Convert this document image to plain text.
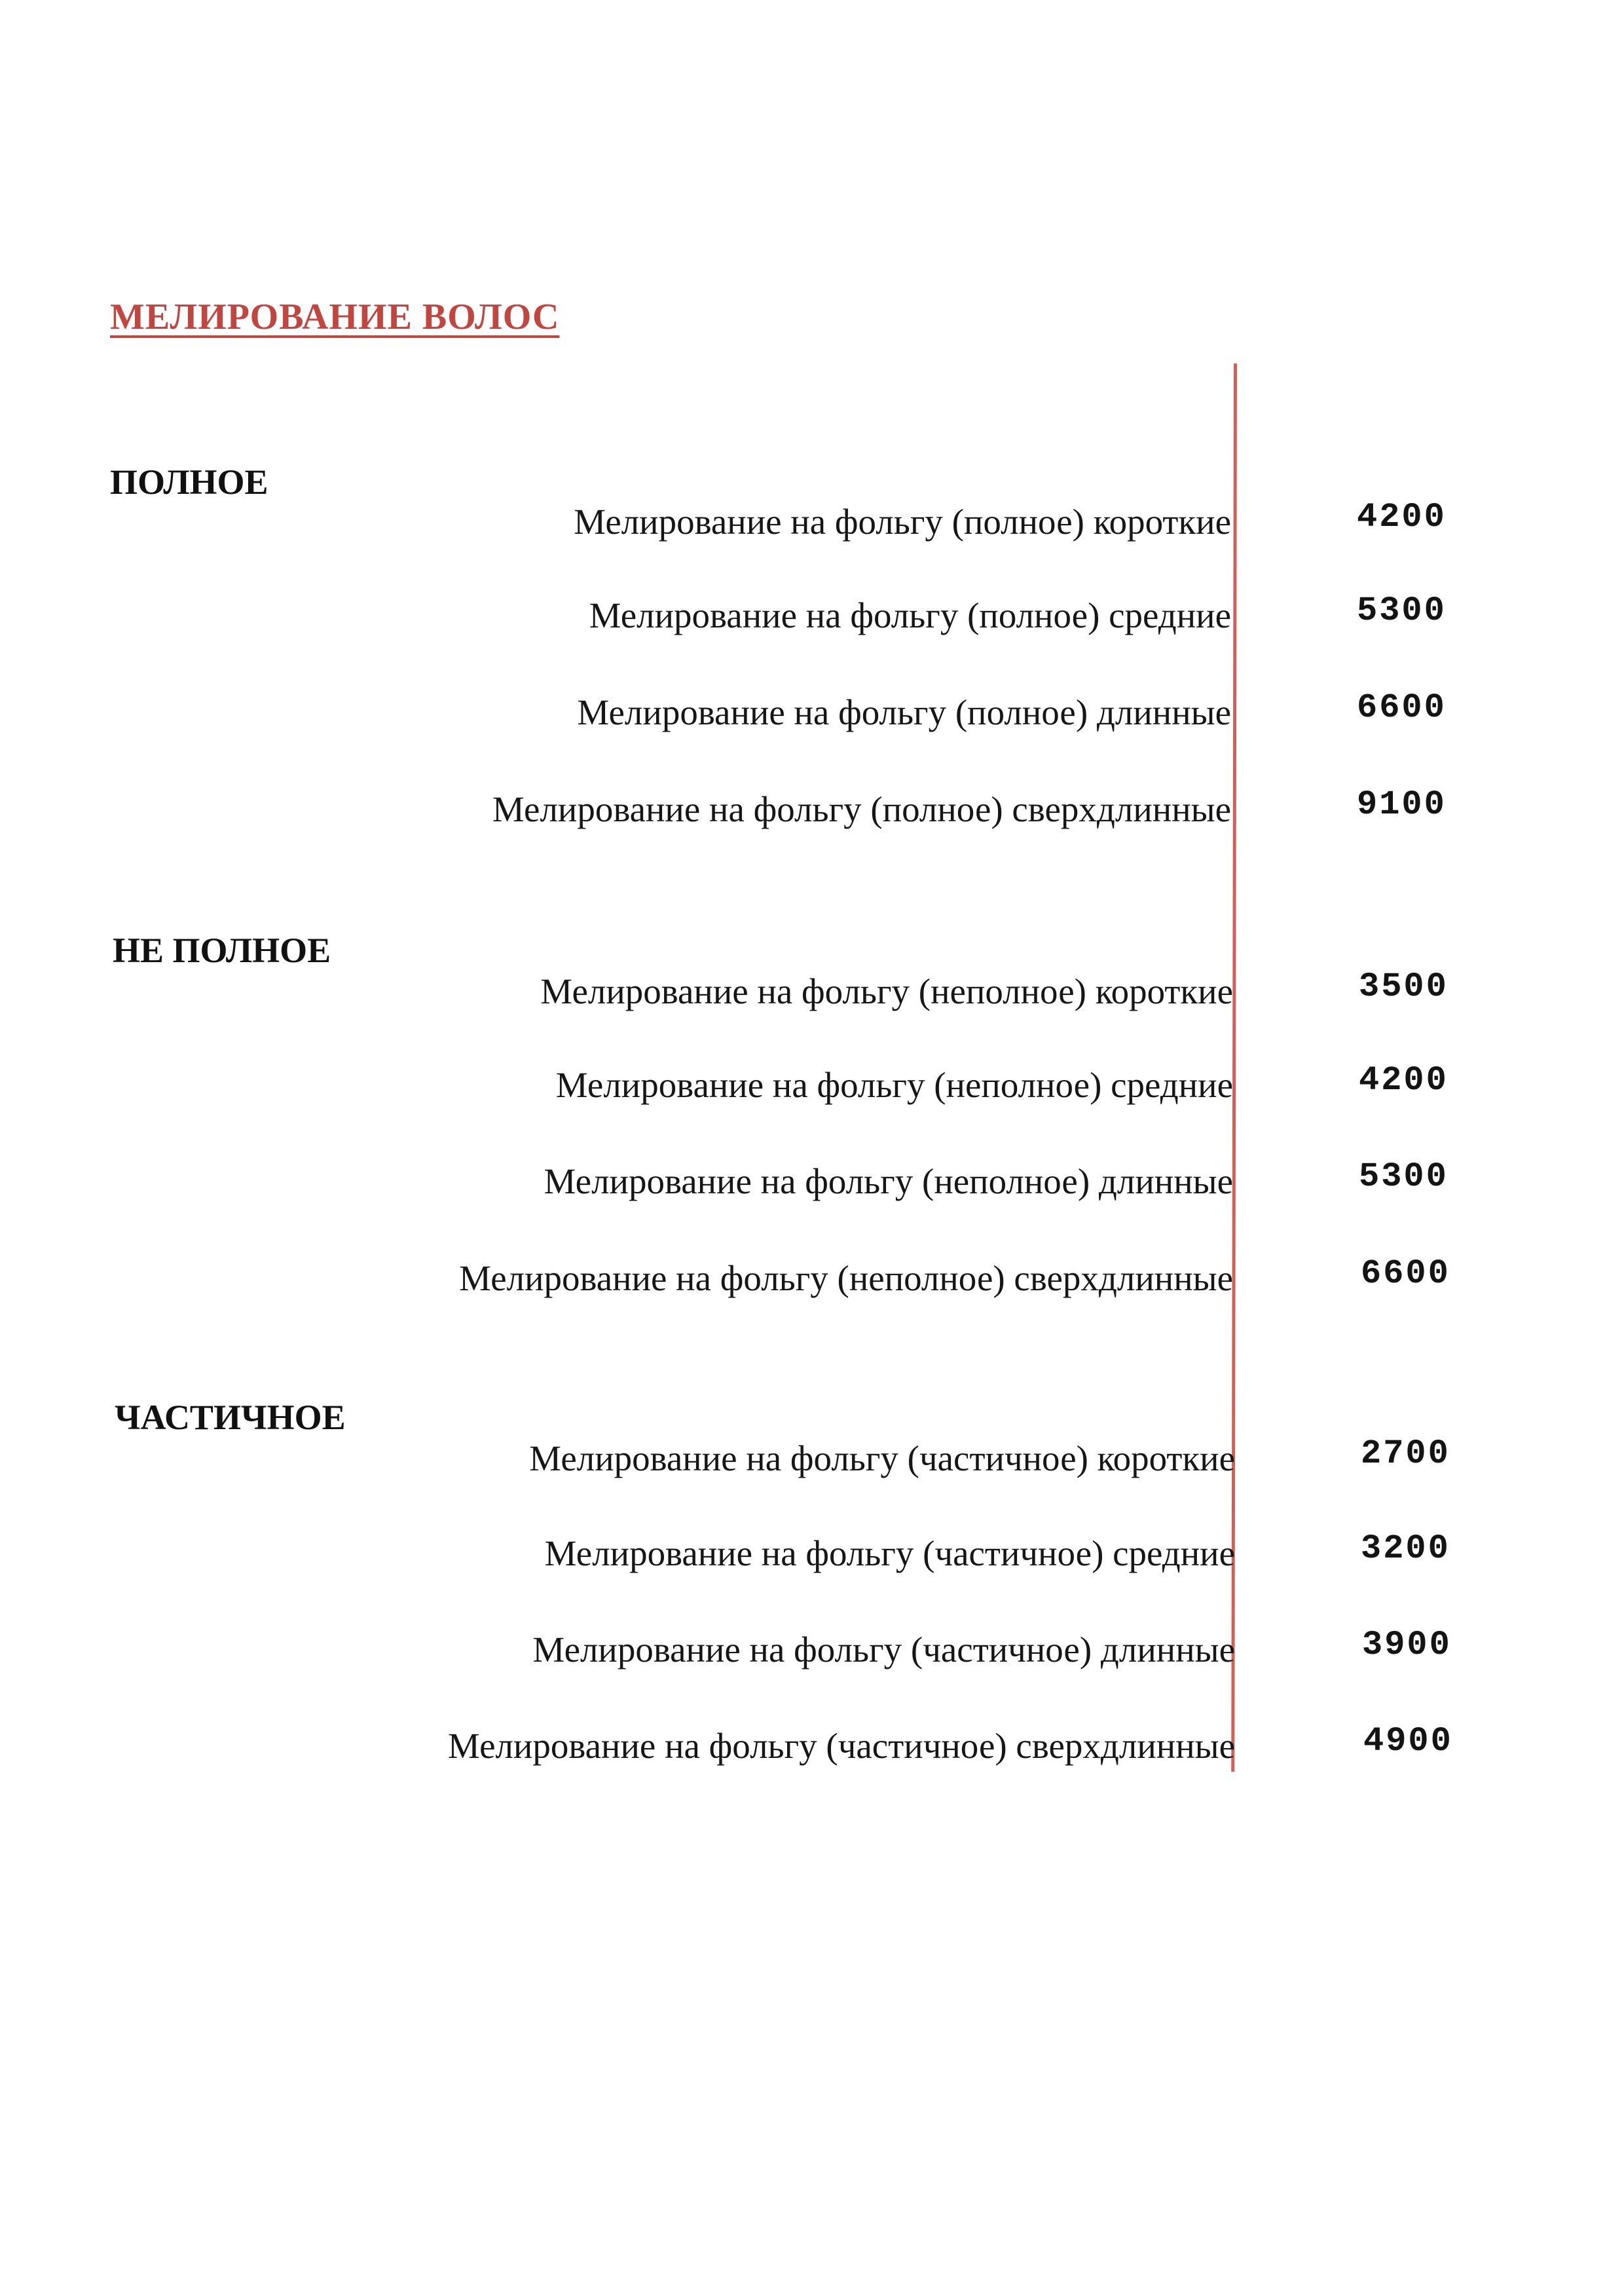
МЕЛИРОВАНИЕ ВОЛОС
ПОЛНОЕ
Мелирование на фольгу (полное) короткие	4200
Мелирование на фольгу (полное) средние	5300
Мелирование на фольгу (полное) длинные	6600
Мелирование на фольгу (полное) сверхдлинные	9100
НЕ ПОЛНОЕ
Мелирование на фольгу (неполное) короткие	3500
Мелирование на фольгу (неполное) средние	4200
Мелирование на фольгу (неполное) длинные	5300
Мелирование на фольгу (неполное) сверхдлинные	6600
ЧАСТИЧНОЕ
Мелирование на фольгу (частичное) короткие	2700
Мелирование на фольгу (частичное) средние	3200
Мелирование на фольгу (частичное) длинные	3900
Мелирование на фольгу (частичное) сверхдлинные	4900
